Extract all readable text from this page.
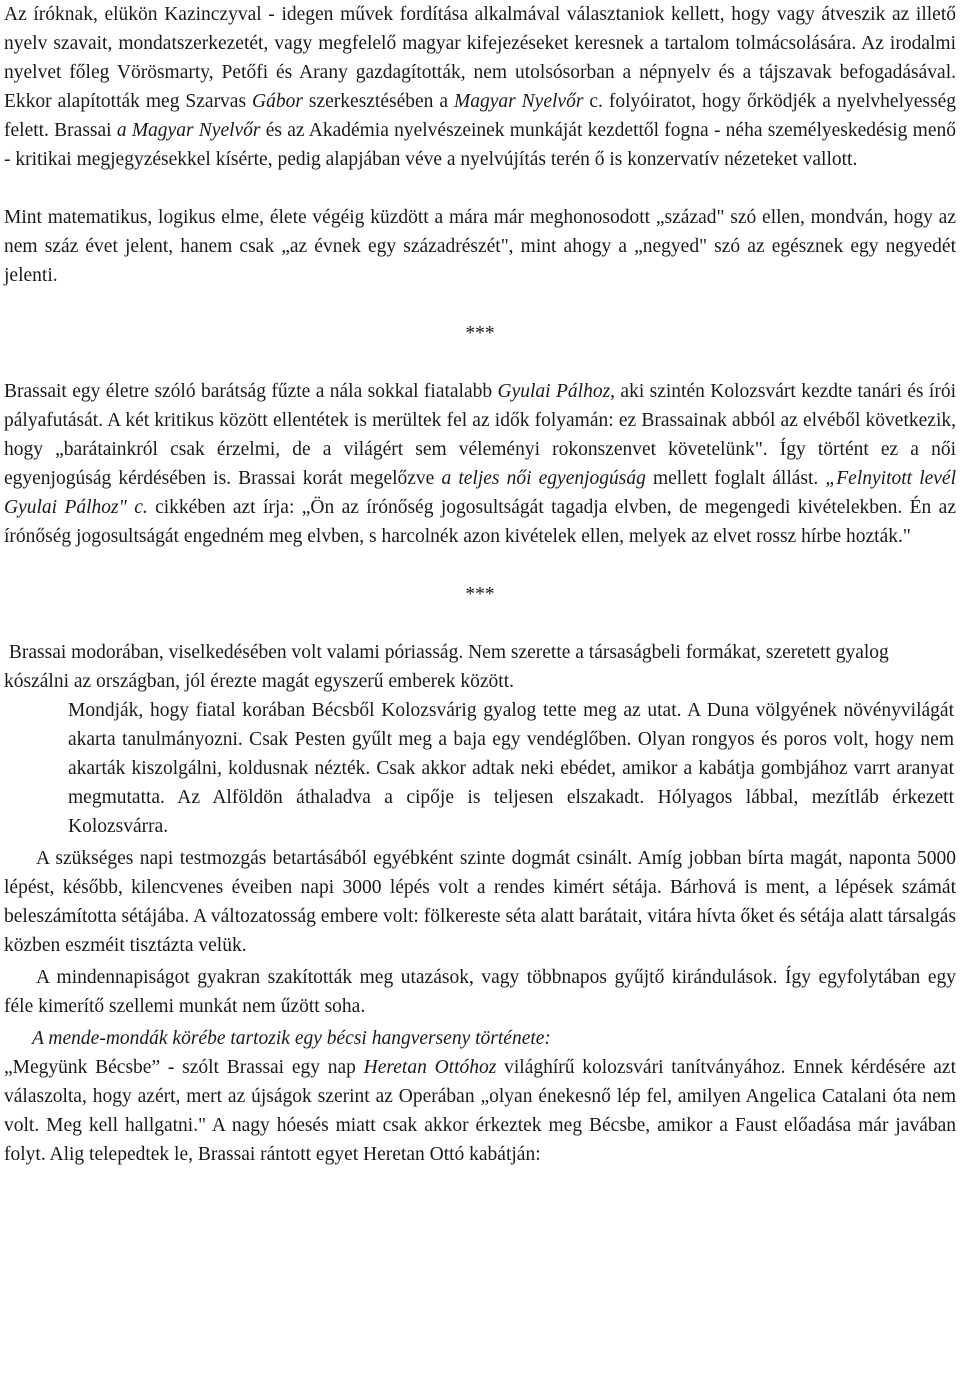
Az íróknak, elükön Kazinczyval - idegen művek fordítása alkalmával választaniok kellett, hogy vagy átveszik az illető nyelv szavait, mondatszerkezetét, vagy megfelelő magyar kifejezéseket keresnek a tartalom tolmácsolására. Az irodalmi nyelvet főleg Vörösmarty, Petőfi és Arany gazdagították, nem utolsósorban a népnyelv és a tájszavak befogadásával. Ekkor alapították meg Szarvas Gábor szerkesztésében a Magyar Nyelvőr c. folyóiratot, hogy őrködjék a nyelvhelyesség felett. Brassai a Magyar Nyelvőr és az Akadémia nyelvészeinek munkáját kezdettől fogna - néha személyeskedésig menő - kritikai megjegyzésekkel kísérte, pedig alapjában véve a nyelvújítás terén ő is konzervatív nézeteket vallott.

Mint matematikus, logikus elme, élete végéig küzdött a mára már meghonosodott „század" szó ellen, mondván, hogy az nem száz évet jelent, hanem csak „az évnek egy századrészét", mint ahogy a „negyed" szó az egésznek egy negyedét jelenti.

***

Brassait egy életre szóló barátság fűzte a nála sokkal fiatalabb Gyulai Pálhoz, aki szintén Kolozsvárt kezdte tanári és írói pályafutását. A két kritikus között ellentétek is merültek fel az idők folyamán: ez Brassainak abból az elvéből következik, hogy „barátainkról csak érzelmi, de a világért sem véleményi rokonszenvet követelünk". Így történt ez a női egyenjogúság kérdésében is. Brassai korát megelőzve a teljes női egyenjogúság mellett foglalt állást. „Felnyitott levél Gyulai Pálhoz" c. cikkében azt írja: „Ön az írónőség jogosultságát tagadja elvben, de megengedi kivételekben. Én az írónőség jogosultságát engedném meg elvben, s harcolnék azon kivételek ellen, melyek az elvet rossz hírbe hozták."

***

Brassai modorában, viselkedésében volt valami póriasság. Nem szerette a társaságbeli formákat, szeretett gyalog kószálni az országban, jól érezte magát egyszerű emberek között.

Mondják, hogy fiatal korában Bécsből Kolozsvárig gyalog tette meg az utat. A Duna völgyének növényvilágát akarta tanulmányozni. Csak Pesten gyűlt meg a baja egy vendéglőben. Olyan rongyos és poros volt, hogy nem akarták kiszolgálni, koldusnak nézték. Csak akkor adtak neki ebédet, amikor a kabátja gombjához varrt aranyat megmutatta. Az Alföldön áthaladva a cipője is teljesen elszakadt. Hólyagos lábbal, mezítláb érkezett Kolozsvárra.

A szükséges napi testmozgás betartásából egyébként szinte dogmát csinált. Amíg jobban bírta magát, naponta 5000 lépést, később, kilencvenes éveiben napi 3000 lépés volt a rendes kimért sétája. Bárhová is ment, a lépések számát beleszámította sétájába. A változatosság embere volt: fölkereste séta alatt barátait, vitára hívta őket és sétája alatt társalgás közben eszméit tisztázta velük.

A mindennapiságot gyakran szakították meg utazások, vagy többnapos gyűjtő kirándulások. Így egyfolytában egy féle kimerítő szellemi munkát nem űzött soha.

A mende-mondák körébe tartozik egy bécsi hangverseny története:

„Megyünk Bécsbe” - szólt Brassai egy nap Heretan Ottóhoz világhírű kolozsvári tanítványához. Ennek kérdésére azt válaszolta, hogy azért, mert az újságok szerint az Operában „olyan énekesnő lép fel, amilyen Angelica Catalani óta nem volt. Meg kell hallgatni." A nagy hóesés miatt csak akkor érkeztek meg Bécsbe, amikor a Faust előadása már javában folyt. Alig telepedtek le, Brassai rántott egyet Heretan Ottó kabátján:
